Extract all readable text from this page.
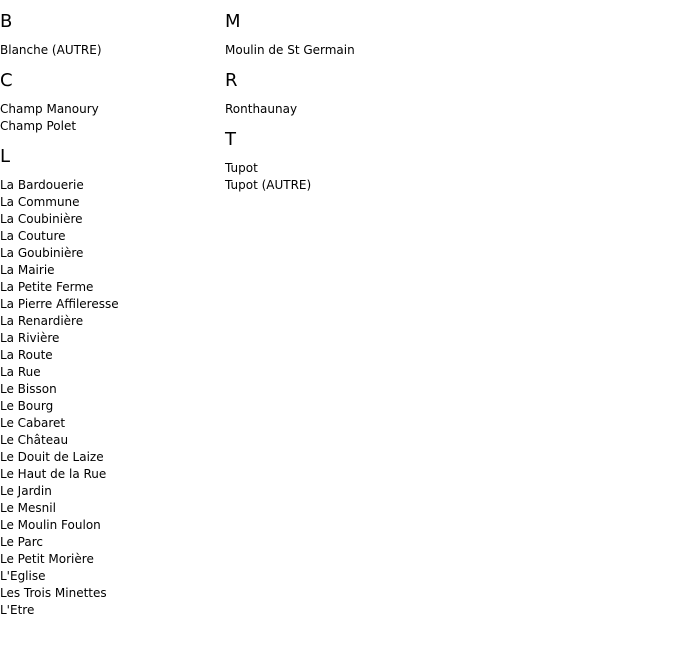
B
Blanche (AUTRE)
C
Champ Manoury
Champ Polet
L
La Bardouerie
La Commune
La Coubinière
La Couture
La Goubinière
La Mairie
La Petite Ferme
La Pierre Affileresse
La Renardière
La Rivière
La Route
La Rue
Le Bisson
Le Bourg
Le Cabaret
Le Château
Le Douit de Laize
Le Haut de la Rue
Le Jardin
Le Mesnil
Le Moulin Foulon
Le Parc
Le Petit Morière
L'Eglise
Les Trois Minettes
L'Etre
M
Moulin de St Germain
R
Ronthaunay
T
Tupot
Tupot (AUTRE)
